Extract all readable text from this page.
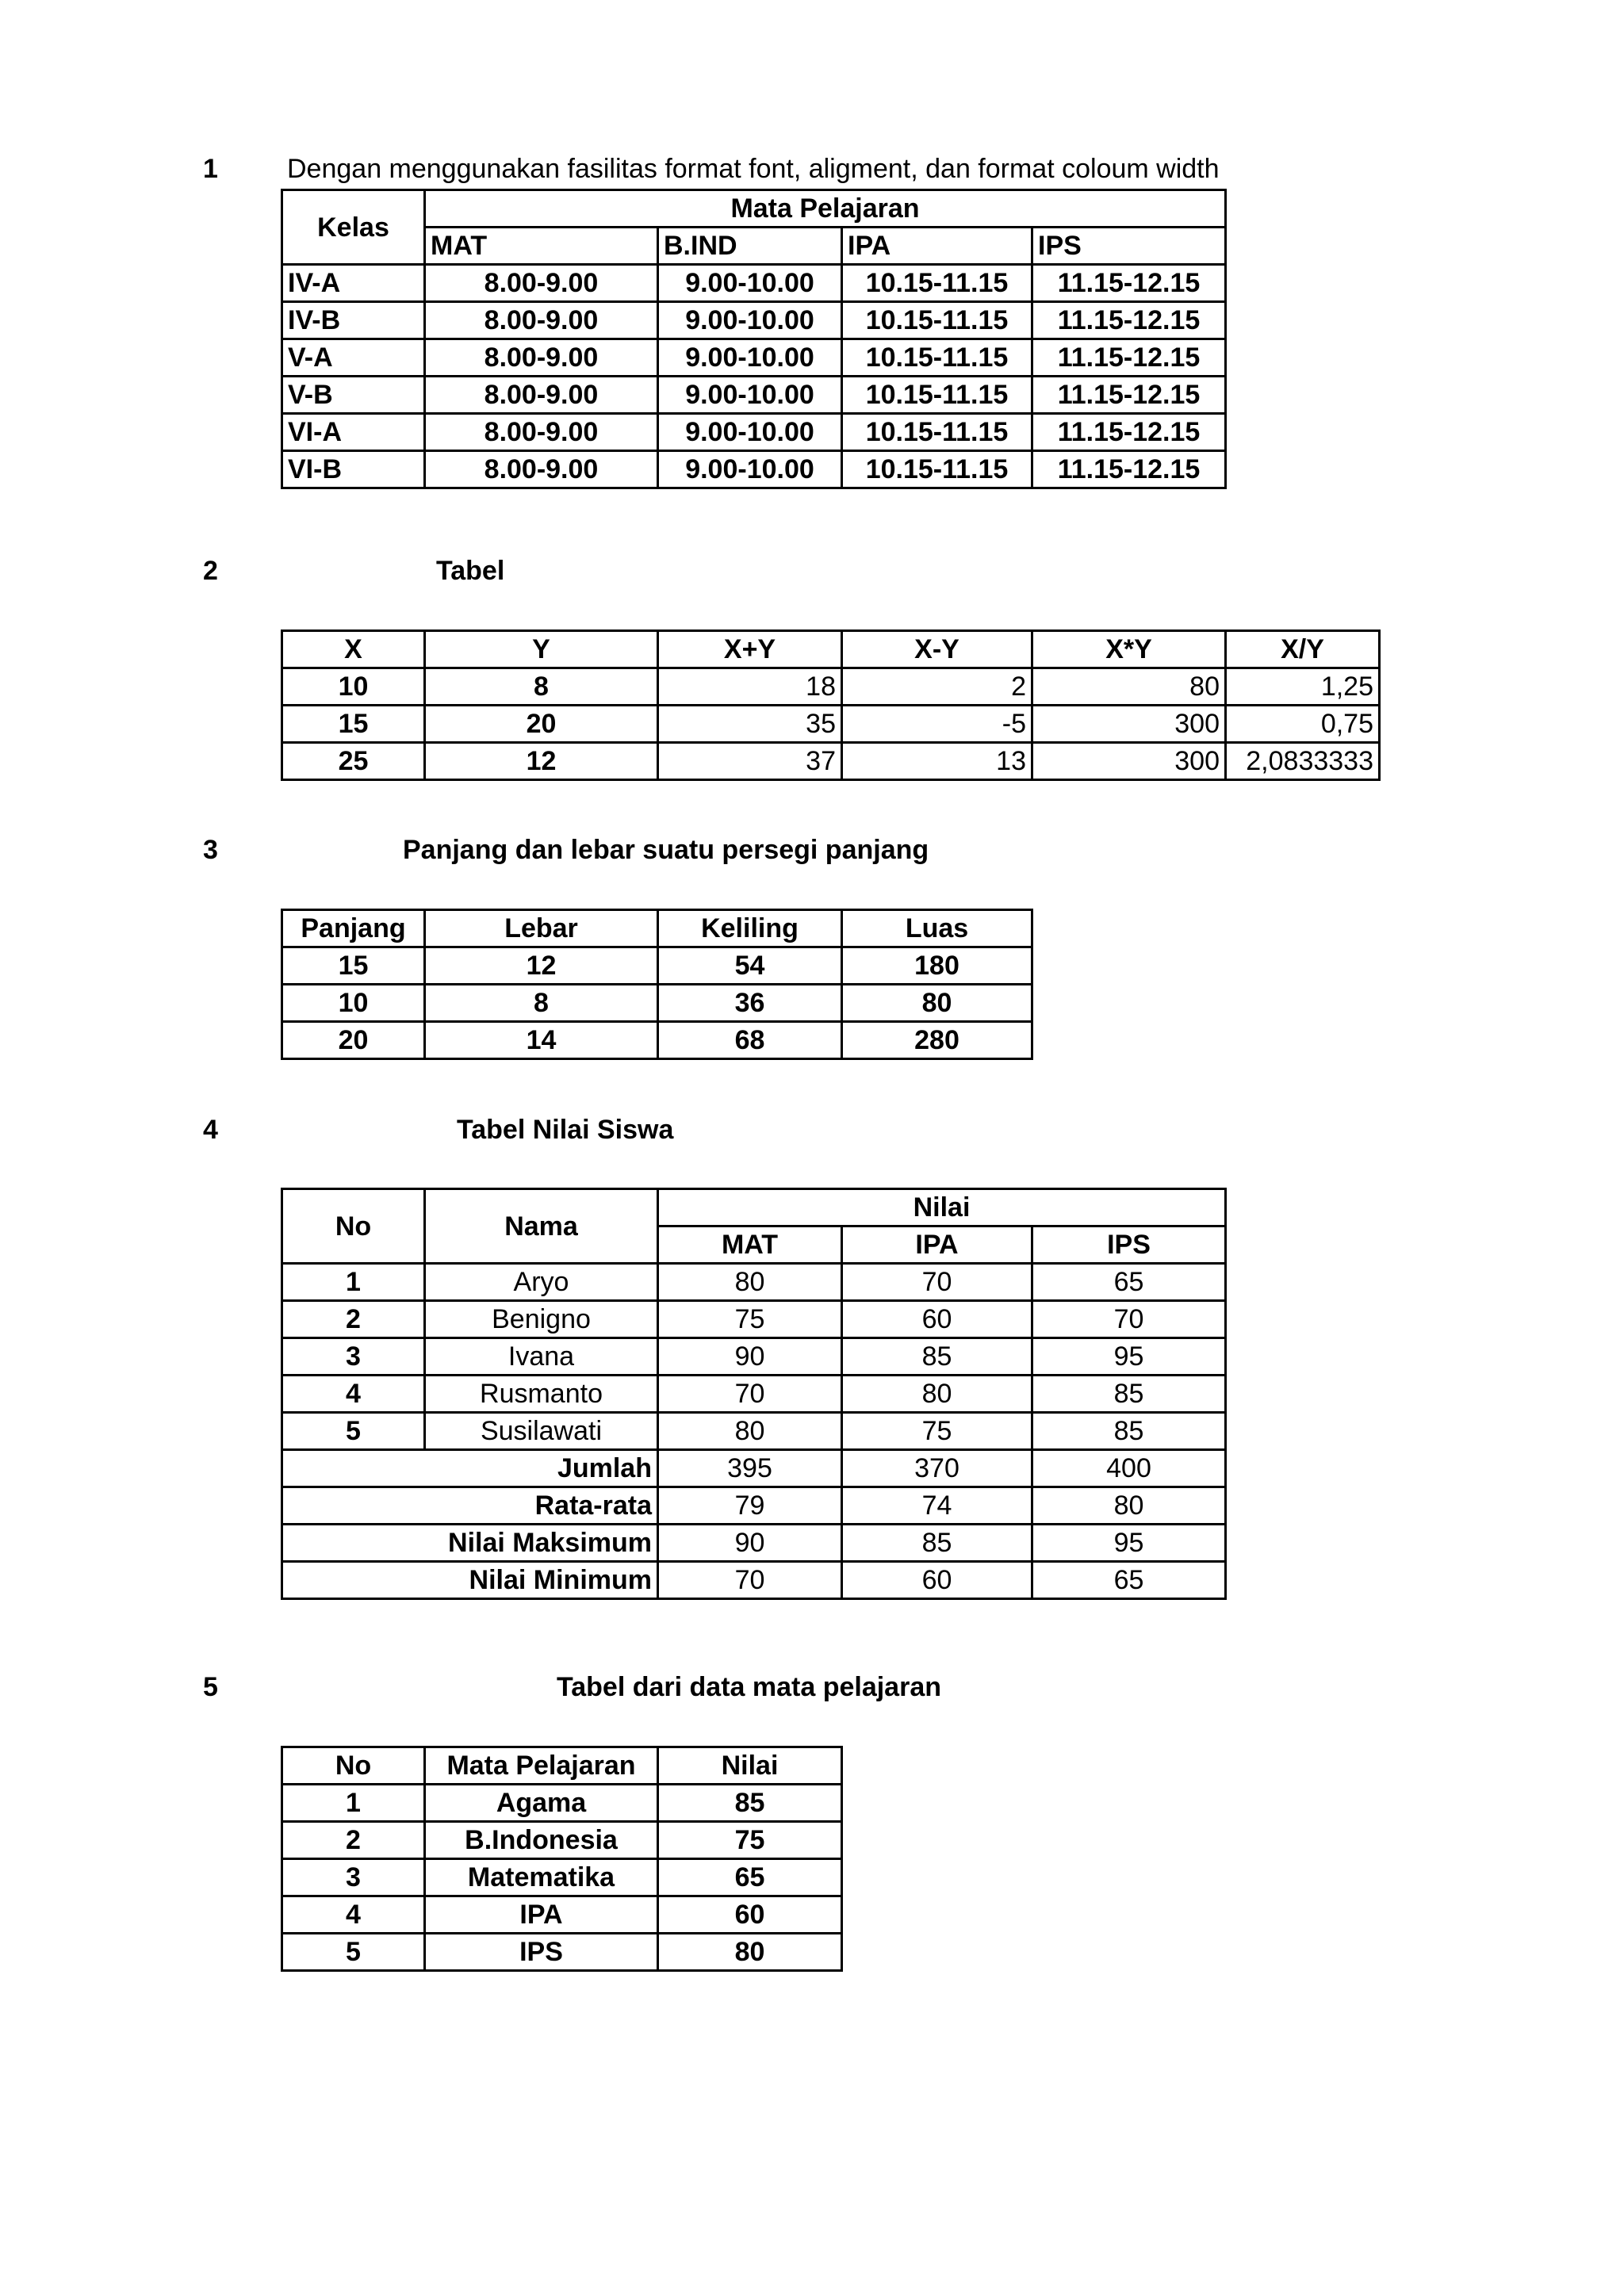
1	Dengan menggunakan fasilitas format font, aligment, dan format coloum width
Kelas	Mata Pelajaran			
	MAT	B.IND	IPA	IPS
IV-A	8.00-9.00	9.00-10.00	10.15-11.15	11.15-12.15
IV-B	8.00-9.00	9.00-10.00	10.15-11.15	11.15-12.15
V-A	8.00-9.00	9.00-10.00	10.15-11.15	11.15-12.15
V-B	8.00-9.00	9.00-10.00	10.15-11.15	11.15-12.15
VI-A	8.00-9.00	9.00-10.00	10.15-11.15	11.15-12.15
VI-B	8.00-9.00	9.00-10.00	10.15-11.15	11.15-12.15
2	Tabel
X	Y	X+Y	X-Y	X*Y	X/Y
10	8	18	2	80	1,25
15	20	35	-5	300	0,75
25	12	37	13	300	2,0833333
3	Panjang dan lebar suatu persegi panjang
Panjang	Lebar	Keliling	Luas
15	12	54	180
10	8	36	80
20	14	68	280
4	Tabel Nilai Siswa
No	Nama	Nilai		
		MAT	IPA	IPS
1	Aryo	80	70	65
2	Benigno	75	60	70
3	Ivana	90	85	95
4	Rusmanto	70	80	85
5	Susilawati	80	75	85
Jumlah		395	370	400
Rata-rata		79	74	80
Nilai Maksimum		90	85	95
Nilai Minimum		70	60	65
5	Tabel dari data mata pelajaran
No	Mata Pelajaran	Nilai
1	Agama	85
2	B.Indonesia	75
3	Matematika	65
4	IPA	60
5	IPS	80
